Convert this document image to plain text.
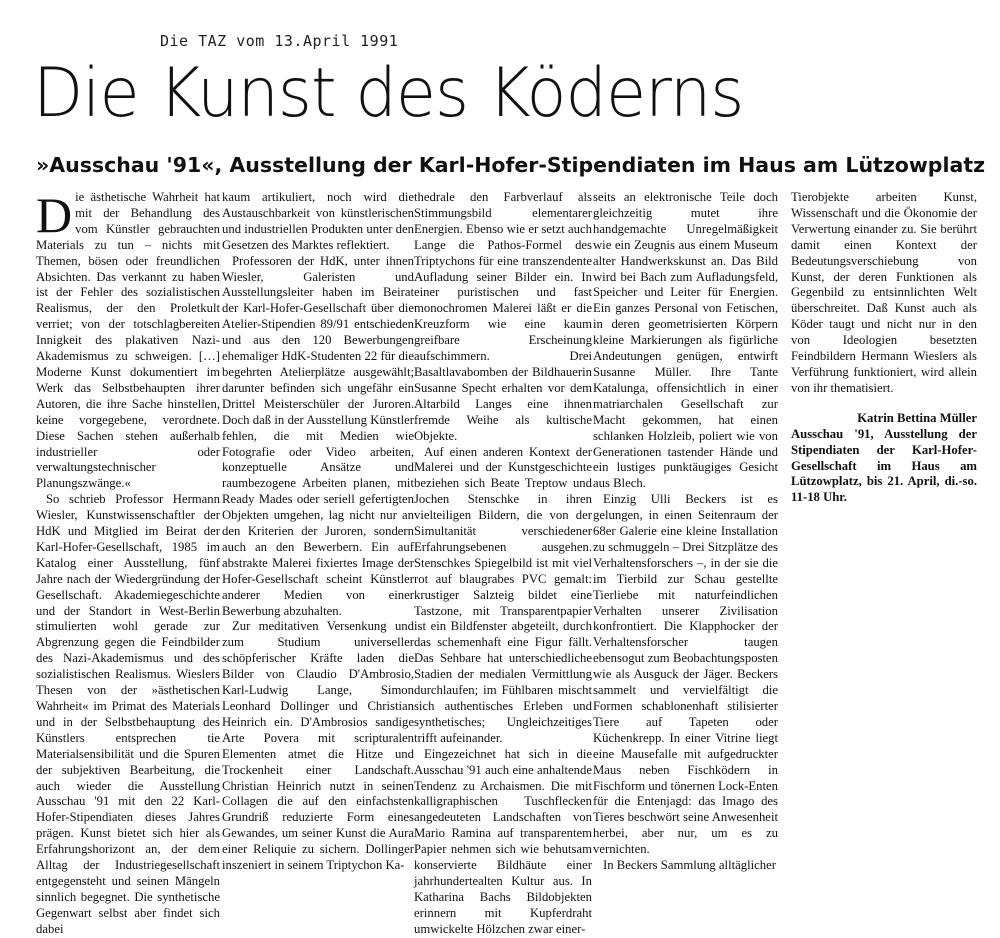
Die TAZ vom 13.April 1991
Die Kunst des Köderns
»Ausschau '91«, Ausstellung der Karl-Hofer-Stipendiaten im Haus am Lützowplatz

Die ästhetische Wahrheit hat mit der Behandlung des vom Künstler gebrauchten Materials zu tun – nichts mit Themen, bösen oder freundlichen Absichten. Das verkannt zu haben ist der Fehler des sozialistischen Realismus, der den Proletkult verriet; von der totschlagbereiten Innigkeit des plakativen Nazi-Akademismus zu schweigen. […] Moderne Kunst dokumentiert im Werk das Selbstbehaupten ihrer Autoren, die ihre Sache hinstellen, keine vorgegebene, verordnete. Diese Sachen stehen außerhalb industrieller oder verwaltungstechnischer Planungszwänge.«

So schrieb Professor Hermann Wiesler, Kunstwissenschaftler der HdK und Mitglied im Beirat der Karl-Hofer-Gesellschaft, 1985 im Katalog einer Ausstellung, fünf Jahre nach der Wiedergründung der Gesellschaft. Akademiegeschichte und der Standort in West-Berlin stimulierten wohl gerade zur Abgrenzung gegen die Feindbilder des Nazi-Akademismus und des sozialistischen Realismus. Wieslers Thesen von der »ästhetischen Wahrheit« im Primat des Materials und in der Selbstbehauptung des Künstlers entsprechen tie Materialsensibilität und die Spuren der subjektiven Bearbeitung, die auch wieder die Ausstellung Ausschau '91 mit den 22 Karl-Hofer-Stipendiaten dieses Jahres prägen. Kunst bietet sich hier als Erfahrungshorizont an, der dem Alltag der Industriegesellschaft entgegensteht und seinen Mängeln sinnlich begegnet. Die synthetische Gegenwart selbst aber findet sich dabei

kaum artikuliert, noch wird die Austauschbarkeit von künstlerischen und industriellen Produkten unter den Gesetzen des Marktes reflektiert.

Professoren der HdK, unter ihnen Wiesler, Galeristen und Ausstellungsleiter haben im Beirat der Karl-Hofer-Gesellschaft über die Atelier-Stipendien 89/91 entschieden und aus den 120 Bewerbungen ehemaliger HdK-Studenten 22 für die begehrten Atelierplätze ausgewählt; darunter befinden sich ungefähr ein Drittel Meisterschüler der Juroren. Doch daß in der Ausstellung Künstler fehlen, die mit Medien wie Fotografie oder Video arbeiten, konzeptuelle Ansätze und raumbezogene Arbeiten planen, mit Ready Mades oder seriell gefertigten Objekten umgehen, lag nicht nur an den Kriterien der Juroren, sondern auch an den Bewerbern. Ein auf abstrakte Malerei fixiertes Image der Hofer-Gesellschaft scheint Künstler anderer Medien von einer Bewerbung abzuhalten.

Zur meditativen Versenkung und zum Studium universeller schöpferischer Kräfte laden die Bilder von Claudio D'Ambrosio, Karl-Ludwig Lange, Simon Leonhard Dollinger und Christian Heinrich ein. D'Ambrosios sandige Arte Povera mit scripturalen Elementen atmet die Hitze und Trockenheit einer Landschaft. Christian Heinrich nutzt in seinen Collagen die auf den einfachsten Grundriß reduzierte Form eines Gewandes, um seiner Kunst die Aura einer Reliquie zu sichern. Dollinger inszeniert in seinem Triptychon Ka-

thedrale den Farbverlauf als Stimmungsbild elementarer Energien. Ebenso wie er setzt auch Lange die Pathos-Formel des Triptychons für eine transzendente Aufladung seiner Bilder ein. In einer puristischen und fast monochromen Malerei läßt er die Kreuzform wie eine kaum greifbare Erscheinung aufschimmern. Drei Basaltlavabomben der Bildhauerin Susanne Specht erhalten vor dem Altarbild Langes eine ihnen fremde Weihe als kultische Objekte.

Auf einen anderen Kontext der Malerei und der Kunstgeschichte beziehen sich Beate Treptow und Jochen Stenschke in ihren vielteiligen Bildern, die von der Simultanität verschiedener Erfahrungsebenen ausgehen. Stenschkes Spiegelbild ist mit viel rot auf blaugrabes PVC gemalt: krustiger Salzteig bildet eine Tastzone, mit Transparentpapier ist ein Bildfenster abgeteilt, durch das schemenhaft eine Figur fällt. Das Sehbare hat unterschiedliche Stadien der medialen Vermittlung durchlaufen; im Fühlbaren mischt sich authentisches Erleben und synthetisches; Ungleichzeitiges trifft aufeinander.

Eingezeichnet hat sich in die Ausschau '91 auch eine anhaltende Tendenz zu Archaismen. Die mit kalligraphischen Tuschflecken angedeuteten Landschaften von Mario Ramina auf transparentem Papier nehmen sich wie behutsam konservierte Bildhäute einer jahrhundertealten Kultur aus. In Katharina Bachs Bildobjekten erinnern mit Kupferdraht umwickelte Hölzchen zwar einer-

seits an elektronische Teile doch gleichzeitig mutet ihre handgemachte Unregelmäßigkeit wie ein Zeugnis aus einem Museum alter Handwerkskunst an. Das Bild wird bei Bach zum Aufladungsfeld, Speicher und Leiter für Energien. Ein ganzes Personal von Fetischen, in deren geometrisierten Körpern kleine Markierungen als figürliche Andeutungen genügen, entwirft Susanne Müller. Ihre Tante Katalunga, offensichtlich in einer matriarchalen Gesellschaft zur Macht gekommen, hat einen schlanken Holzleib, poliert wie von Generationen tastender Hände und ein lustiges punktäugiges Gesicht aus Blech.

Einzig Ulli Beckers ist es gelungen, in einen Seitenraum der 68er Galerie eine kleine Installation zu schmuggeln – Drei Sitzplätze des Verhaltensforschers –, in der sie die im Tierbild zur Schau gestellte Tierliebe mit naturfeindlichen Verhalten unserer Zivilisation konfrontiert. Die Klapphocker der Verhaltensforscher taugen ebensogut zum Beobachtungsposten wie als Ausguck der Jäger. Beckers sammelt und vervielfältigt die Formen schablonenhaft stilisierter Tiere auf Tapeten oder Küchenkrepp. In einer Vitrine liegt eine Mausefalle mit aufgedruckter Maus neben Fischködern in Fischform und tönernen Lock-Enten für die Entenjagd: das Imago des Tieres beschwört seine Anwesenheit herbei, aber nur, um es zu vernichten.

In Beckers Sammlung alltäglicher

Tierobjekte arbeiten Kunst, Wissenschaft und die Ökonomie der Verwertung einander zu. Sie berührt damit einen Kontext der Bedeutungsverschiebung von Kunst, der deren Funktionen als Gegenbild zu entsinnlichten Welt überschreitet. Daß Kunst auch als Köder taugt und nicht nur in den von Ideologien besetzten Feindbildern Hermann Wieslers als Verführung funktioniert, wird allein von ihr thematisiert.

Katrin Bettina Müller

Ausschau '91, Ausstellung der Stipendiaten der Karl-Hofer-Gesellschaft im Haus am Lützowplatz, bis 21. April, di.-so. 11-18 Uhr.
